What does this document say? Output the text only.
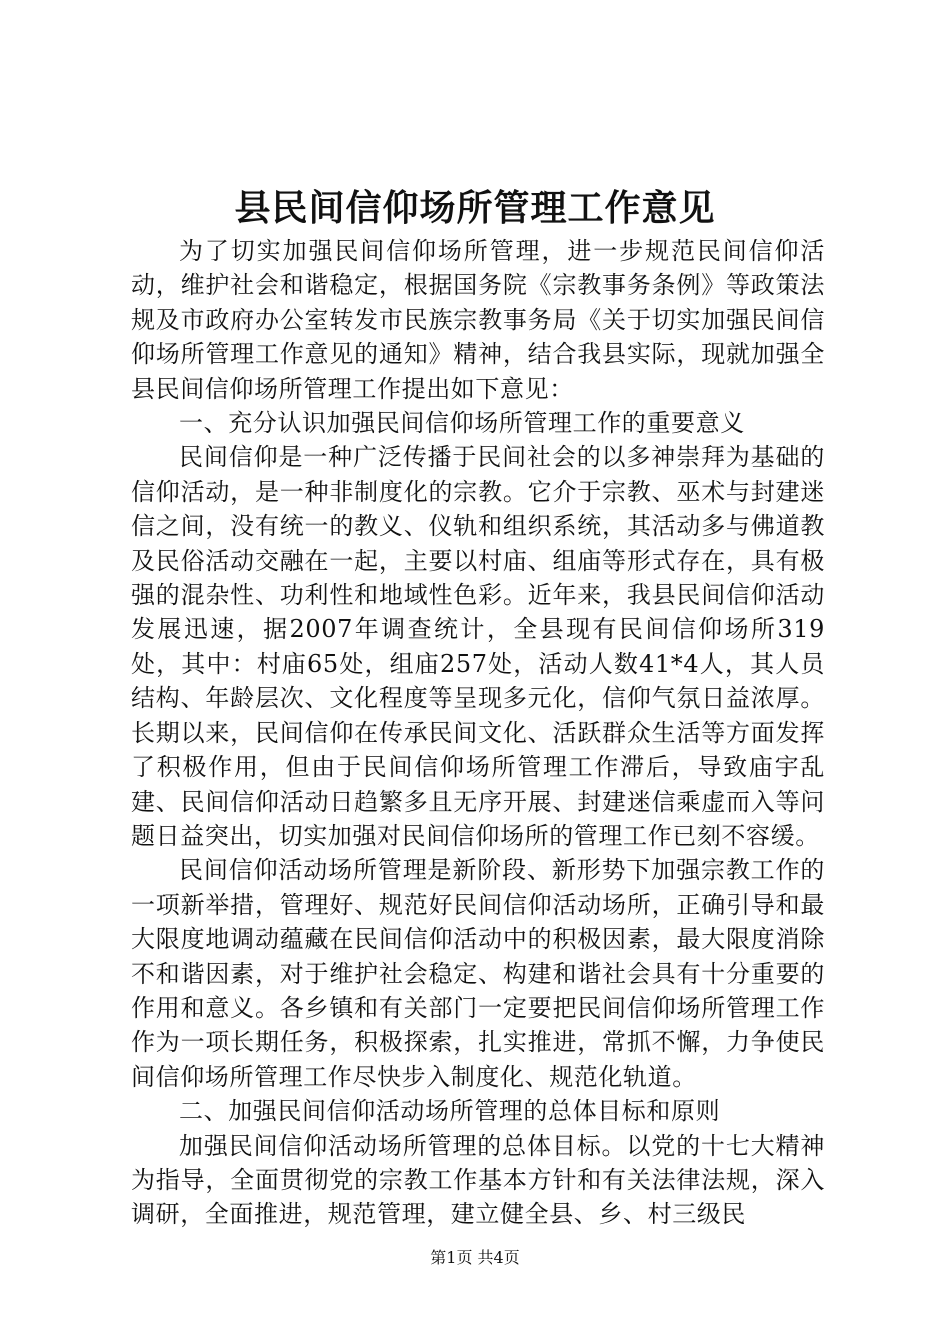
县民间信仰场所管理工作意见

为了切实加强民间信仰场所管理，进一步规范民间信仰活动，维护社会和谐稳定，根据国务院《宗教事务条例》等政策法规及市政府办公室转发市民族宗教事务局《关于切实加强民间信仰场所管理工作意见的通知》精神，结合我县实际，现就加强全县民间信仰场所管理工作提出如下意见：

一、充分认识加强民间信仰场所管理工作的重要意义

民间信仰是一种广泛传播于民间社会的以多神崇拜为基础的信仰活动，是一种非制度化的宗教。它介于宗教、巫术与封建迷信之间，没有统一的教义、仪轨和组织系统，其活动多与佛道教及民俗活动交融在一起，主要以村庙、组庙等形式存在，具有极强的混杂性、功利性和地域性色彩。近年来，我县民间信仰活动发展迅速，据2007年调查统计，全县现有民间信仰场所319处，其中：村庙65处，组庙257处，活动人数41*4人，其人员结构、年龄层次、文化程度等呈现多元化，信仰气氛日益浓厚。长期以来，民间信仰在传承民间文化、活跃群众生活等方面发挥了积极作用，但由于民间信仰场所管理工作滞后，导致庙宇乱建、民间信仰活动日趋繁多且无序开展、封建迷信乘虚而入等问题日益突出，切实加强对民间信仰场所的管理工作已刻不容缓。

民间信仰活动场所管理是新阶段、新形势下加强宗教工作的一项新举措，管理好、规范好民间信仰活动场所，正确引导和最大限度地调动蕴藏在民间信仰活动中的积极因素，最大限度消除不和谐因素，对于维护社会稳定、构建和谐社会具有十分重要的作用和意义。各乡镇和有关部门一定要把民间信仰场所管理工作作为一项长期任务，积极探索，扎实推进，常抓不懈，力争使民间信仰场所管理工作尽快步入制度化、规范化轨道。

二、加强民间信仰活动场所管理的总体目标和原则

加强民间信仰活动场所管理的总体目标。以党的十七大精神为指导，全面贯彻党的宗教工作基本方针和有关法律法规，深入调研，全面推进，规范管理，建立健全县、乡、村三级民

第1页 共4页
